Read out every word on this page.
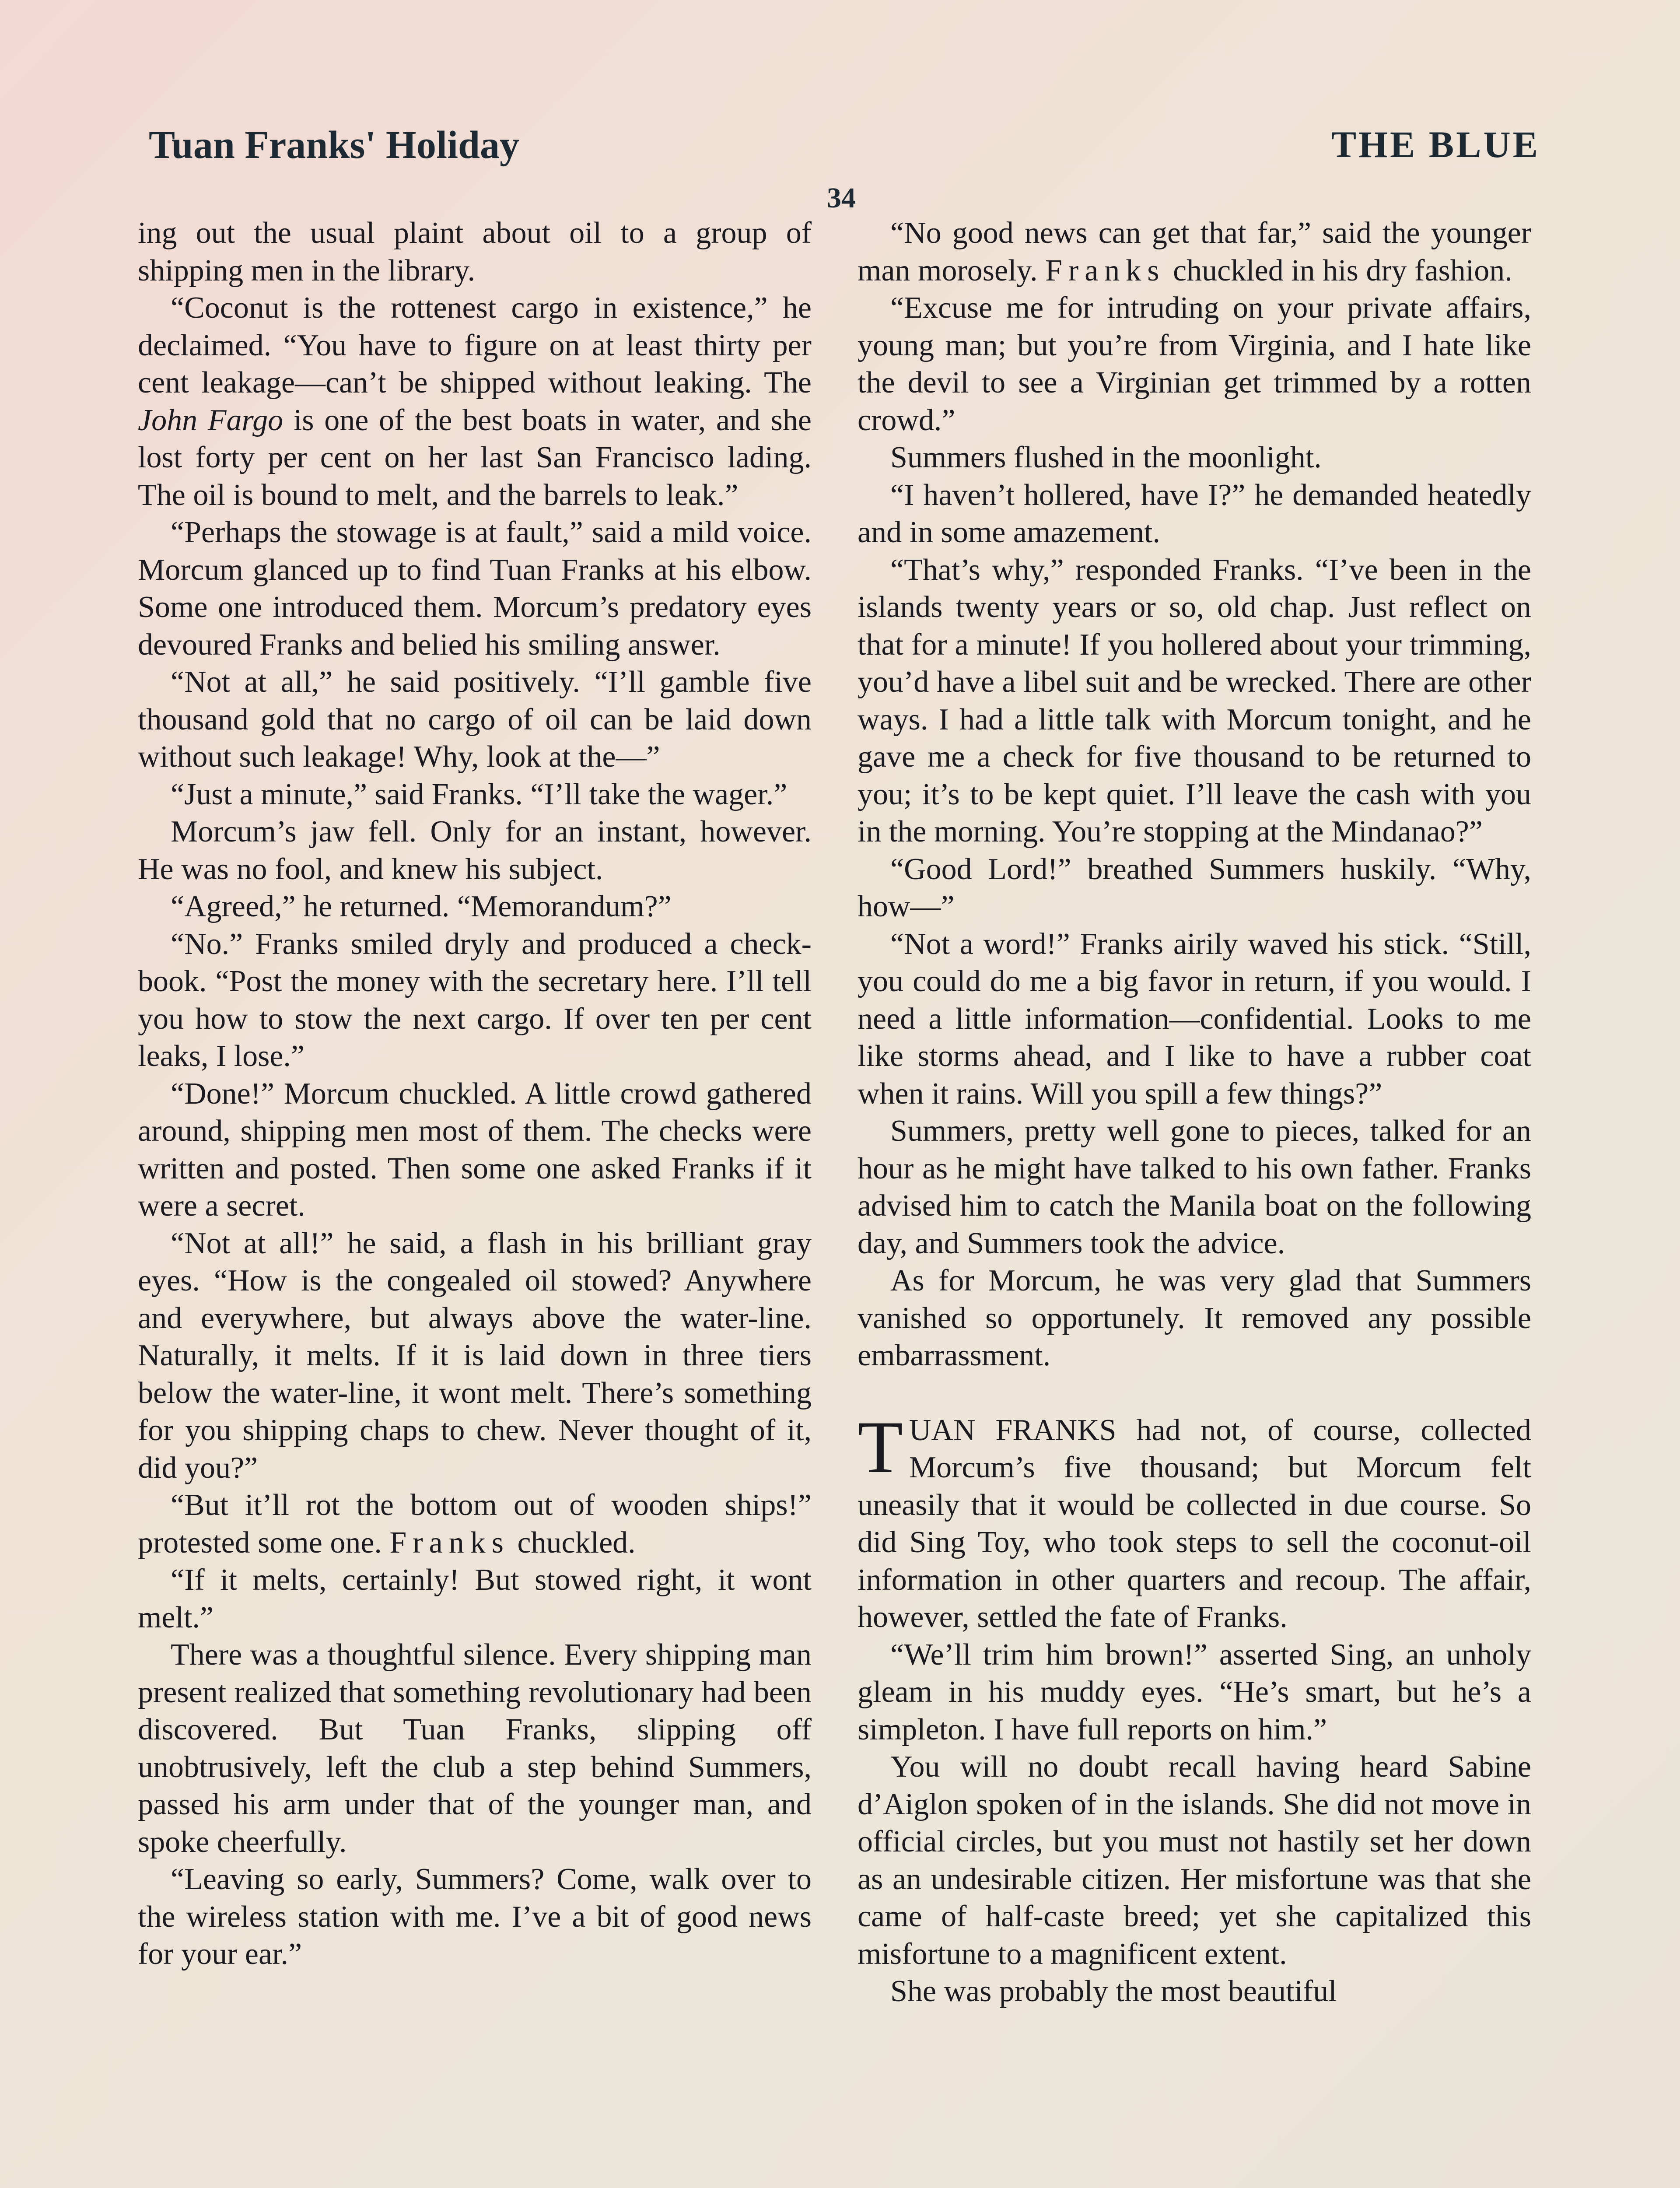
Tuan Franks' Holiday	THE BLUE
34

ing out the usual plaint about oil to a group of shipping men in the library.

“Coconut is the rottenest cargo in existence,” he declaimed. “You have to figure on at least thirty per cent leakage—can’t be shipped without leaking. The John Fargo is one of the best boats in water, and she lost forty per cent on her last San Francisco lading. The oil is bound to melt, and the barrels to leak.”

“Perhaps the stowage is at fault,” said a mild voice. Morcum glanced up to find Tuan Franks at his elbow. Some one introduced them. Morcum’s predatory eyes devoured Franks and belied his smiling answer.

“Not at all,” he said positively. “I’ll gamble five thousand gold that no cargo of oil can be laid down without such leakage! Why, look at the—”

“Just a minute,” said Franks. “I’ll take the wager.”

Morcum’s jaw fell. Only for an instant, however. He was no fool, and knew his subject.

“Agreed,” he returned. “Memorandum?”

“No.” Franks smiled dryly and produced a check-book. “Post the money with the secretary here. I’ll tell you how to stow the next cargo. If over ten per cent leaks, I lose.”

“Done!” Morcum chuckled. A little crowd gathered around, shipping men most of them. The checks were written and posted. Then some one asked Franks if it were a secret.

“Not at all!” he said, a flash in his brilliant gray eyes. “How is the congealed oil stowed? Anywhere and everywhere, but always above the water-line. Naturally, it melts. If it is laid down in three tiers below the water-line, it wont melt. There’s something for you shipping chaps to chew. Never thought of it, did you?”

“But it’ll rot the bottom out of wooden ships!” protested some one. Franks chuckled.

“If it melts, certainly! But stowed right, it wont melt.”

There was a thoughtful silence. Every shipping man present realized that something revolutionary had been discovered. But Tuan Franks, slipping off unobtrusively, left the club a step behind Summers, passed his arm under that of the younger man, and spoke cheerfully.

“Leaving so early, Summers? Come, walk over to the wireless station with me. I’ve a bit of good news for your ear.”

“No good news can get that far,” said the younger man morosely. Franks chuckled in his dry fashion.

“Excuse me for intruding on your private affairs, young man; but you’re from Virginia, and I hate like the devil to see a Virginian get trimmed by a rotten crowd.”

Summers flushed in the moonlight.

“I haven’t hollered, have I?” he demanded heatedly and in some amazement.

“That’s why,” responded Franks. “I’ve been in the islands twenty years or so, old chap. Just reflect on that for a minute! If you hollered about your trimming, you’d have a libel suit and be wrecked. There are other ways. I had a little talk with Morcum tonight, and he gave me a check for five thousand to be returned to you; it’s to be kept quiet. I’ll leave the cash with you in the morning. You’re stopping at the Mindanao?”

“Good Lord!” breathed Summers huskily. “Why, how—”

“Not a word!” Franks airily waved his stick. “Still, you could do me a big favor in return, if you would. I need a little information—confidential. Looks to me like storms ahead, and I like to have a rubber coat when it rains. Will you spill a few things?”

Summers, pretty well gone to pieces, talked for an hour as he might have talked to his own father. Franks advised him to catch the Manila boat on the following day, and Summers took the advice.

As for Morcum, he was very glad that Summers vanished so opportunely. It removed any possible embarrassment.

TUAN FRANKS had not, of course, collected Morcum’s five thousand; but Morcum felt uneasily that it would be collected in due course. So did Sing Toy, who took steps to sell the coconut-oil information in other quarters and recoup. The affair, however, settled the fate of Franks.

“We’ll trim him brown!” asserted Sing, an unholy gleam in his muddy eyes. “He’s smart, but he’s a simpleton. I have full reports on him.”

You will no doubt recall having heard Sabine d’Aiglon spoken of in the islands. She did not move in official circles, but you must not hastily set her down as an undesirable citizen. Her misfortune was that she came of half-caste breed; yet she capitalized this misfortune to a magnificent extent.

She was probably the most beautiful
